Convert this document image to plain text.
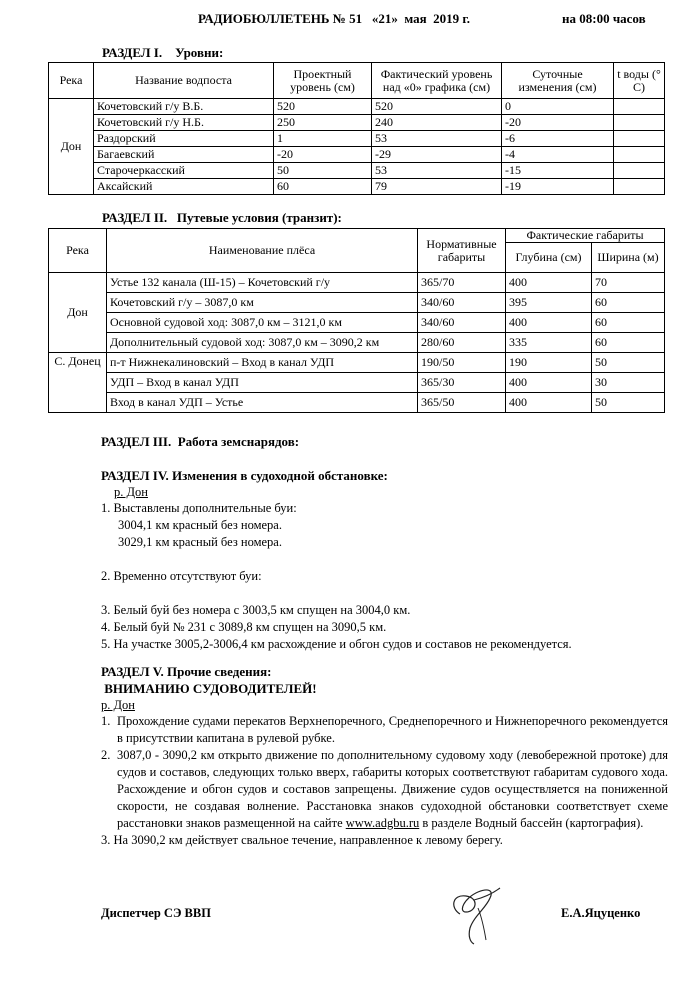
РАДИОБЮЛЛЕТЕНЬ № 51   «21»  мая  2019 г.	на 08:00 часов
РАЗДЕЛ I.    Уровни:
Река	Название водпоста	Проектный уровень (см)	Фактический уровень над «0» графика (см)	Суточные изменения (см)	t воды (° C)
Дон	Кочетовский г/у В.Б.	520	520	0	
	Кочетовский г/у Н.Б.	250	240	-20	
	Раздорский	1	53	-6	
	Багаевский	-20	-29	-4	
	Старочеркасский	50	53	-15	
	Аксайский	60	79	-19	
РАЗДЕЛ II.   Путевые условия (транзит):
Река	Наименование плёса	Нормативные габариты	Фактические габариты	
			Глубина (см)	Ширина (м)
Дон	Устье 132 канала (Ш-15) – Кочетовский г/у	365/70	400	70
	Кочетовский г/у – 3087,0 км	340/60	395	60
	Основной судовой ход: 3087,0 км – 3121,0 км	340/60	400	60
	Дополнительный судовой ход: 3087,0 км – 3090,2 км	280/60	335	60
С. Донец	п-т Нижнекалиновский – Вход в канал УДП	190/50	190	50
	УДП – Вход в канал УДП	365/30	400	30
	Вход в канал УДП – Устье	365/50	400	50
РАЗДЕЛ III.  Работа земснарядов:
РАЗДЕЛ IV. Изменения в судоходной обстановке:
р. Дон
1. Выставлены дополнительные буи:
3004,1 км красный без номера.
3029,1 км красный без номера.
2. Временно отсутствуют буи:
3. Белый буй без номера с 3003,5 км спущен на 3004,0 км.
4. Белый буй № 231 с 3089,8 км спущен на 3090,5 км.
5. На участке 3005,2-3006,4 км расхождение и обгон судов и составов не рекомендуется.
РАЗДЕЛ V. Прочие сведения:
ВНИМАНИЮ СУДОВОДИТЕЛЕЙ!
р. Дон
1. Прохождение судами перекатов Верхнепоречного, Среднепоречного и Нижнепоречного рекомендуется в присутствии капитана в рулевой рубке.
2. 3087,0 - 3090,2 км открыто движение по дополнительному судовому ходу (левобережной протоке) для судов и составов, следующих только вверх, габариты которых соответствуют габаритам судового хода. Расхождение и обгон судов и составов запрещены. Движение судов осуществляется на пониженной скорости, не создавая волнение. Расстановка знаков судоходной обстановки соответствует схеме расстановки знаков размещенной на сайте www.adgbu.ru в разделе Водный бассейн (картография).
3. На 3090,2 км действует свальное течение, направленное к левому берегу.
Диспетчер СЭ ВВП	Е.А.Яцуценко
